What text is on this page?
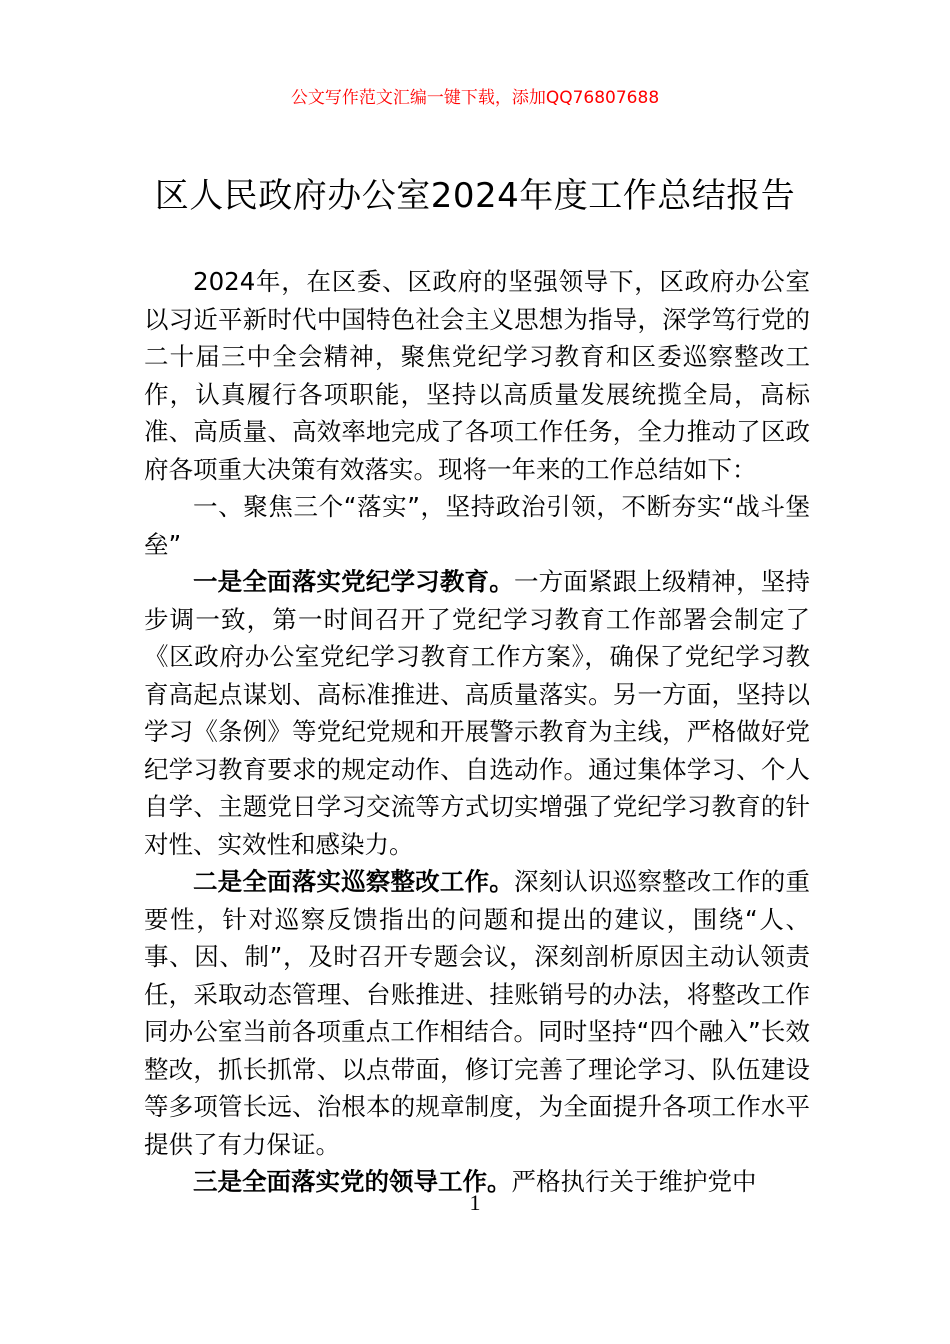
公文写作范文汇编一键下载，添加QQ76807688
区人民政府办公室2024年度工作总结报告

2024年，在区委、区政府的坚强领导下，区政府办公室以习近平新时代中国特色社会主义思想为指导，深学笃行党的二十届三中全会精神，聚焦党纪学习教育和区委巡察整改工作，认真履行各项职能，坚持以高质量发展统揽全局，高标准、高质量、高效率地完成了各项工作任务，全力推动了区政府各项重大决策有效落实。现将一年来的工作总结如下：

一、聚焦三个“落实”，坚持政治引领，不断夯实“战斗堡垒”

一是全面落实党纪学习教育。一方面紧跟上级精神，坚持步调一致，第一时间召开了党纪学习教育工作部署会制定了《区政府办公室党纪学习教育工作方案》，确保了党纪学习教育高起点谋划、高标准推进、高质量落实。另一方面，坚持以学习《条例》等党纪党规和开展警示教育为主线，严格做好党纪学习教育要求的规定动作、自选动作。通过集体学习、个人自学、主题党日学习交流等方式切实增强了党纪学习教育的针对性、实效性和感染力。

二是全面落实巡察整改工作。深刻认识巡察整改工作的重要性，针对巡察反馈指出的问题和提出的建议，围绕“人、事、因、制”，及时召开专题会议，深刻剖析原因主动认领责任，采取动态管理、台账推进、挂账销号的办法，将整改工作同办公室当前各项重点工作相结合。同时坚持“四个融入”长效整改，抓长抓常、以点带面，修订完善了理论学习、队伍建设等多项管长远、治根本的规章制度，为全面提升各项工作水平提供了有力保证。

三是全面落实党的领导工作。严格执行关于维护党中

1
